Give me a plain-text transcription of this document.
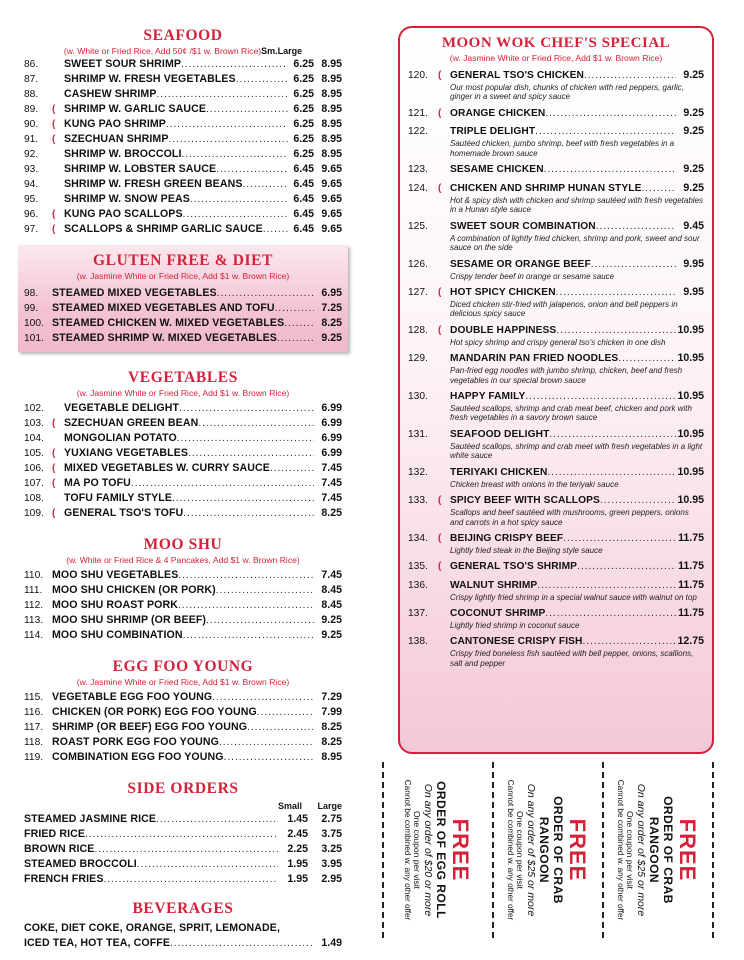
SEAFOOD
(w. White or Fried Rice, Add 50¢ /$1 w. Brown Rice)Sm.Large
86.	SWEET SOUR SHRIMP .....	6.25 8.95
87.	SHRIMP W. FRESH VEGETABLES .....	6.25 8.95
88.	CASHEW SHRIMP .....	6.25 8.95
89.	( SHRIMP W. GARLIC SAUCE .....	6.25 8.95
90.	( KUNG PAO SHRIMP .....	6.25 8.95
91.	( SZECHUAN SHRIMP .....	6.25 8.95
92.	SHRIMP W. BROCCOLI .....	6.25 8.95
93.	SHRIMP W. LOBSTER SAUCE .....	6.45 9.65
94.	SHRIMP W. FRESH GREEN BEANS .....	6.45 9.65
95.	SHRIMP W. SNOW PEAS .....	6.45 9.65
96.	( KUNG PAO SCALLOPS .....	6.45 9.65
97.	( SCALLOPS & SHRIMP GARLIC SAUCE .....	6.45 9.65
GLUTEN FREE & DIET
(w. Jasmine White or Fried Rice, Add $1 w. Brown Rice)
98.	STEAMED MIXED VEGETABLES .....	6.95
99.	STEAMED MIXED VEGETABLES AND TOFU .....	7.25
100. STEAMED CHICKEN W. MIXED VEGETABLES .....	8.25
101. STEAMED SHRIMP W. MIXED VEGETABLES .....	9.25
VEGETABLES
(w. Jasmine White or Fried Rice, Add $1 w. Brown Rice)
102.	VEGETABLE DELIGHT .....	6.99
103. ( SZECHUAN GREEN BEAN .....	6.99
104.	MONGOLIAN POTATO .....	6.99
105. ( YUXIANG VEGETABLES .....	6.99
106. ( MIXED VEGETABLES W. CURRY SAUCE .....	7.45
107. ( MA PO TOFU .....	7.45
108.	TOFU FAMILY STYLE .....	7.45
109. ( GENERAL TSO'S TOFU .....	8.25
MOO SHU
(w. White or Fried Rice & 4 Pancakes, Add $1 w. Brown Rice)
110. MOO SHU VEGETABLES .....	7.45
111. MOO SHU CHICKEN (OR PORK) .....	8.45
112. MOO SHU ROAST PORK .....	8.45
113. MOO SHU SHRIMP (OR BEEF) .....	9.25
114. MOO SHU COMBINATION .....	9.25
EGG FOO YOUNG
(w. Jasmine White or Fried Rice, Add $1 w. Brown Rice)
115. VEGETABLE EGG FOO YOUNG .....	7.29
116. CHICKEN (OR PORK) EGG FOO YOUNG .....	7.99
117. SHRIMP (OR BEEF) EGG FOO YOUNG .....	8.25
118. ROAST PORK EGG FOO YOUNG .....	8.25
119. COMBINATION EGG FOO YOUNG .....	8.95
SIDE ORDERS
Small	Large
STEAMED JASMINE RICE .....	1.45	2.75
FRIED RICE .....	2.45	3.75
BROWN RICE .....	2.25	3.25
STEAMED BROCCOLI .....	1.95	3.95
FRENCH FRIES .....	1.95	2.95
BEVERAGES
COKE, DIET COKE, ORANGE, SPRIT, LEMONADE,
ICED TEA, HOT TEA, COFFE .....	1.49
MOON WOK CHEF'S SPECIAL
(w. Jasmine White or Fried Rice, Add $1 w. Brown Rice)
120.	( GENERAL TSO'S CHICKEN .....	9.25
Our most popular dish, chunks of chicken with red peppers, garlic, ginger in a sweet and spicy sauce
121.	( ORANGE CHICKEN .....	9.25
122.	TRIPLE DELIGHT .....	9.25
Sautéed chicken, jumbo shrimp, beef with fresh vegetables in a homemade brown sauce
123.	SESAME CHICKEN .....	9.25
124.	( CHICKEN AND SHRIMP HUNAN STYLE .....	9.25
Hot & spicy dish with chicken and shrimp sautéed with fresh vegetables in a Hunan style sauce
125.	SWEET SOUR COMBINATION .....	9.45
A combination of lightly fried chicken, shrimp and pork, sweet and sour sauce on the side
126.	SESAME OR ORANGE BEEF .....	9.95
Crispy tender beef in orange or sesame sauce
127.	( HOT SPICY CHICKEN .....	9.95
Diced chicken stir-fried with jalapenos, onion and bell peppers in delicious spicy sauce
128.	( DOUBLE HAPPINESS .....	10.95
Hot spicy shrimp and crispy general tso's chicken in one dish
129.	MANDARIN PAN FRIED NOODLES .....	10.95
Pan-fried egg noodles with jumbo shrimp, chicken, beef and fresh vegetables in our special brown sauce
130.	HAPPY FAMILY .....	10.95
Sautéed scallops, shrimp and crab meat beef, chicken and pork with fresh vegetables in a savory brown sauce
131.	SEAFOOD DELIGHT .....	10.95
Sautéed scallops, shrimp and crab meet with fresh vegetables in a light white sauce
132.	TERIYAKI CHICKEN .....	10.95
Chicken breast with onions in the teriyaki sauce
133.	( SPICY BEEF WITH SCALLOPS .....	10.95
Scallops and beef sautéed with mushrooms, green peppers, onions and carrots in a hot spicy sauce
134.	( BEIJING CRISPY BEEF .....	11.75
Lightly fried steak in the Beijing style sauce
135.	( GENERAL TSO'S SHRIMP .....	11.75
136.	WALNUT SHRIMP .....	11.75
Crispy lightly fried shrimp in a special walnut sauce with walnut on top
137.	COCONUT SHRIMP .....	11.75
Lightly fried shrimp in coconut sauce
138.	CANTONESE CRISPY FISH .....	12.75
Crispy fried boneless fish sautéed with bell pepper, onions, scallions, salt and pepper
FREE
ORDER OF EGG ROLL
On any order of $20 or more
One coupon per visit
Cannot be combined w. any other offer	FREE
ORDER OF CRAB RANGOON
On any order of $25 or more
One coupon per visit
Cannot be combined w. any other offer	FREE
ORDER OF CRAB RANGOON
On any order of $25 or more
One coupon per visit
Cannot be combined w. any other offer
